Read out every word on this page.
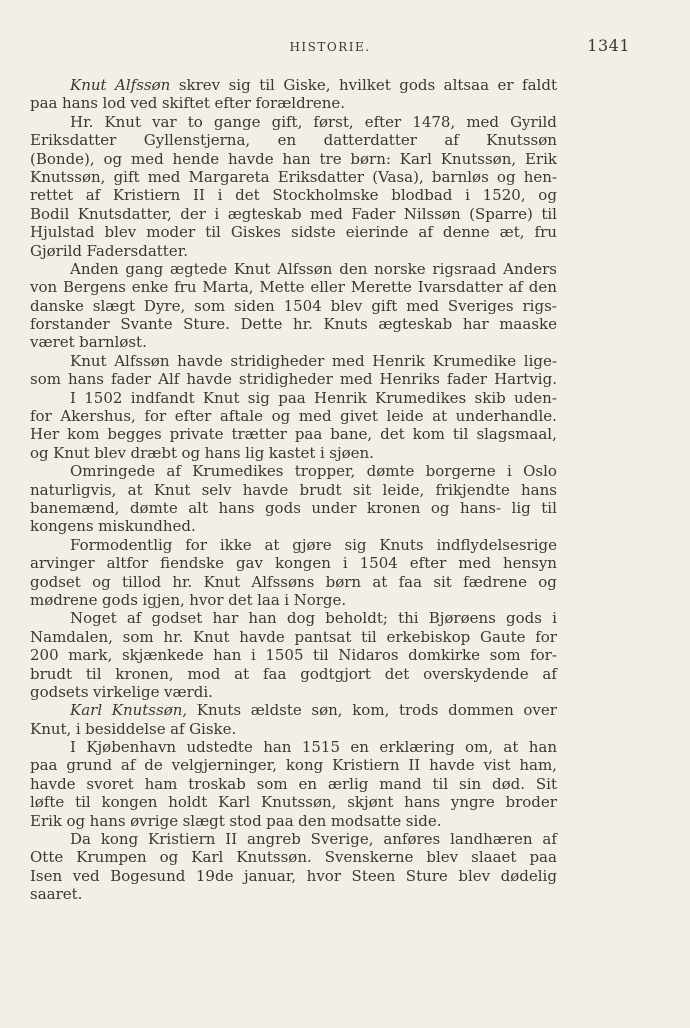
HISTORIE.	1341
Knut Alfssøn skrev sig til Giske, hvilket gods altsaa er faldt
paa hans lod ved skiftet efter forældrene.
Hr. Knut var to gange gift, først, efter 1478, med Gyrild
Eriksdatter Gyllenstjerna, en datterdatter af Knutssøn
(Bonde), og med hende havde han tre børn: Karl Knutssøn, Erik
Knutssøn, gift med Margareta Eriksdatter (Vasa), barnløs og hen-
rettet af Kristiern II i det Stockholmske blodbad i 1520, og
Bodil Knutsdatter, der i ægteskab med Fader Nilssøn (Sparre) til
Hjulstad blev moder til Giskes sidste eierinde af denne æt, fru
Gjørild Fadersdatter.
Anden gang ægtede Knut Alfssøn den norske rigsraad Anders
von Bergens enke fru Marta, Mette eller Merette Ivarsdatter af den
danske slægt Dyre, som siden 1504 blev gift med Sveriges rigs-
forstander Svante Sture. Dette hr. Knuts ægteskab har maaske
været barnløst.
Knut Alfssøn havde stridigheder med Henrik Krumedike lige-
som hans fader Alf havde stridigheder med Henriks fader Hartvig.
I 1502 indfandt Knut sig paa Henrik Krumedikes skib uden-
for Akershus, for efter aftale og med givet leide at underhandle.
Her kom begges private trætter paa bane, det kom til slagsmaal,
og Knut blev dræbt og hans lig kastet i sjøen.
Omringede af Krumedikes tropper, dømte borgerne i Oslo
naturligvis, at Knut selv havde brudt sit leide, frikjendte hans
banemænd, dømte alt hans gods under kronen og hans- lig til
kongens miskundhed.
Formodentlig for ikke at gjøre sig Knuts indflydelsesrige
arvinger altfor fiendske gav kongen i 1504 efter med hensyn
godset og tillod hr. Knut Alfssøns børn at faa sit fædrene og
mødrene gods igjen, hvor det laa i Norge.
Noget af godset har han dog beholdt; thi Bjørøens gods i
Namdalen, som hr. Knut havde pantsat til erkebiskop Gaute for
200 mark, skjænkede han i 1505 til Nidaros domkirke som for-
brudt til kronen, mod at faa godtgjort det overskydende af
godsets virkelige værdi.
Karl Knutssøn, Knuts ældste søn, kom, trods dommen over
Knut, i besiddelse af Giske.
I Kjøbenhavn udstedte han 1515 en erklæring om, at han
paa grund af de velgjerninger, kong Kristiern II havde vist ham,
havde svoret ham troskab som en ærlig mand til sin død. Sit
løfte til kongen holdt Karl Knutssøn, skjønt hans yngre broder
Erik og hans øvrige slægt stod paa den modsatte side.
Da kong Kristiern II angreb Sverige, anføres landhæren af
Otte Krumpen og Karl Knutssøn. Svenskerne blev slaaet paa
Isen ved Bogesund 19de januar, hvor Steen Sture blev dødelig
saaret.
